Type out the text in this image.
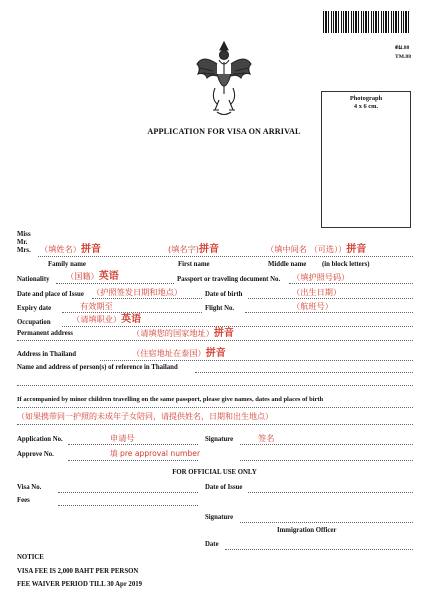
ตม.88
TM.88
Photograph
4 x 6 cm.
APPLICATION FOR VISA ON ARRIVAL
Miss
Mr.
Mrs. （填姓名）拼音	(填名字)拼音	（填中间名 （可选））拼音
Family name	First name	Middle name (in block letters)
Nationality （国籍）英语	Passport or traveling document No. （填护照号码）
Date and place of Issue （护照签发日期和地点）	Date of birth	（出生日期）
Expiry date	有效期至	Flight No.	（航班号）
Occupation	（请填职业）英语
Permanent address	（请填您的国家地址）拼音
Address in Thailand	（住宿地址在泰国）拼音
Name and address of person(s) of reference in Thailand
If accompanied by minor children travelling on the same passport, please give names, dates and places of birth
（如果携带同一护照的未成年子女陪同，请提供姓名，日期和出生地点）
Application No.	申请号	Signature	签名
Approve No.	填 pre approval number
FOR OFFICIAL USE ONLY
Visa No.	Date of Issue
Fees
Signature
Immigration Officer
Date
NOTICE
VISA FEE IS 2,000 BAHT PER PERSON
FEE WAIVER PERIOD TILL 30 Apr 2019
